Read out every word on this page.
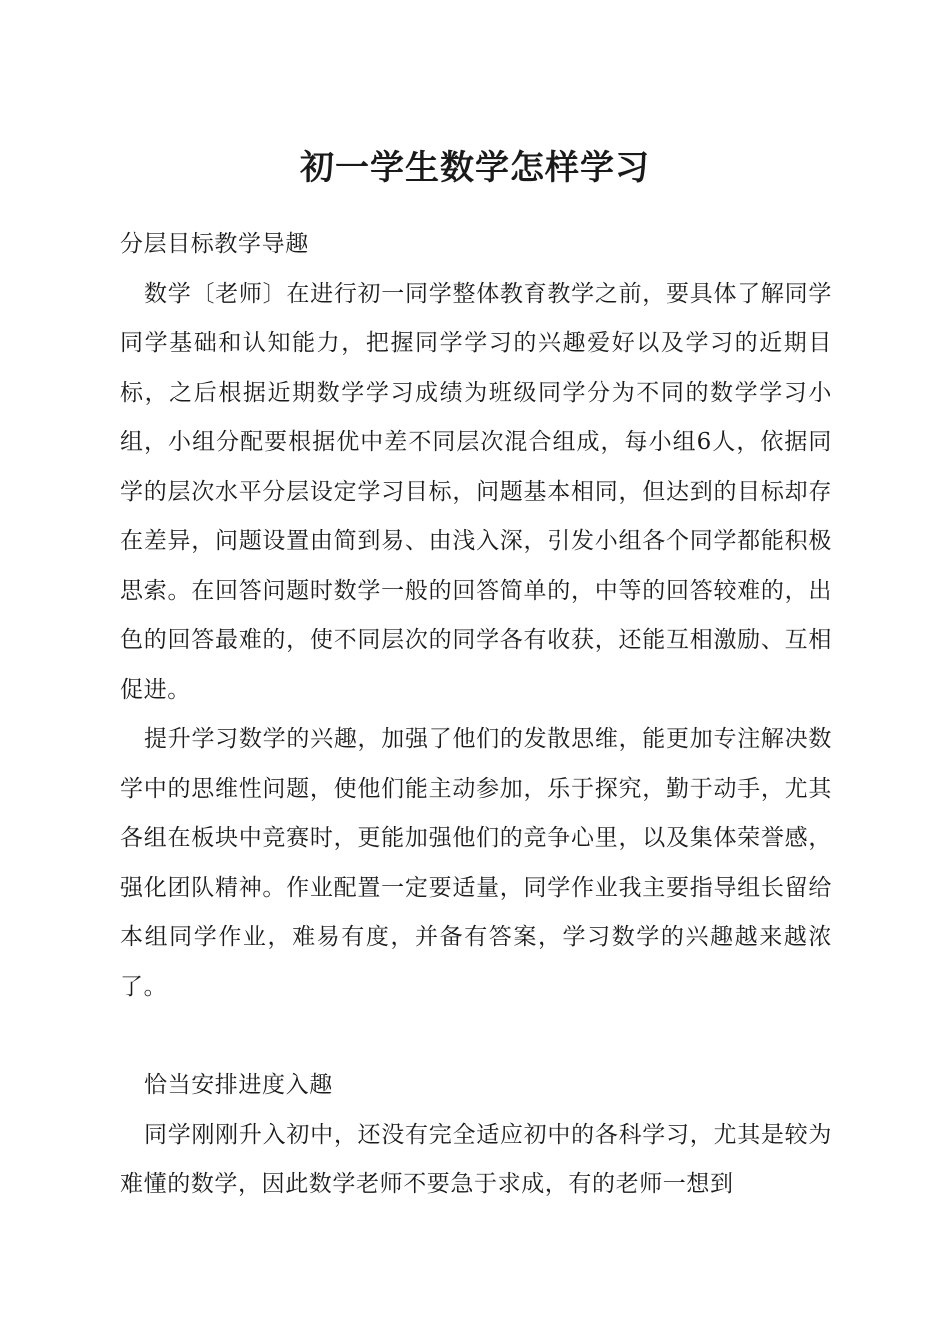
初一学生数学怎样学习

分层目标教学导趣

数学〔老师〕在进行初一同学整体教育教学之前，要具体了解同学同学基础和认知能力，把握同学学习的兴趣爱好以及学习的近期目标，之后根据近期数学学习成绩为班级同学分为不同的数学学习小组，小组分配要根据优中差不同层次混合组成，每小组6人，依据同学的层次水平分层设定学习目标，问题基本相同，但达到的目标却存在差异，问题设置由简到易、由浅入深，引发小组各个同学都能积极思索。在回答问题时数学一般的回答简单的，中等的回答较难的，出色的回答最难的，使不同层次的同学各有收获，还能互相激励、互相促进。

提升学习数学的兴趣，加强了他们的发散思维，能更加专注解决数学中的思维性问题，使他们能主动参加，乐于探究，勤于动手，尤其各组在板块中竞赛时，更能加强他们的竞争心里，以及集体荣誉感，强化团队精神。作业配置一定要适量，同学作业我主要指导组长留给本组同学作业，难易有度，并备有答案，学习数学的兴趣越来越浓了。

恰当安排进度入趣

同学刚刚升入初中，还没有完全适应初中的各科学习，尤其是较为难懂的数学，因此数学老师不要急于求成，有的老师一想到
